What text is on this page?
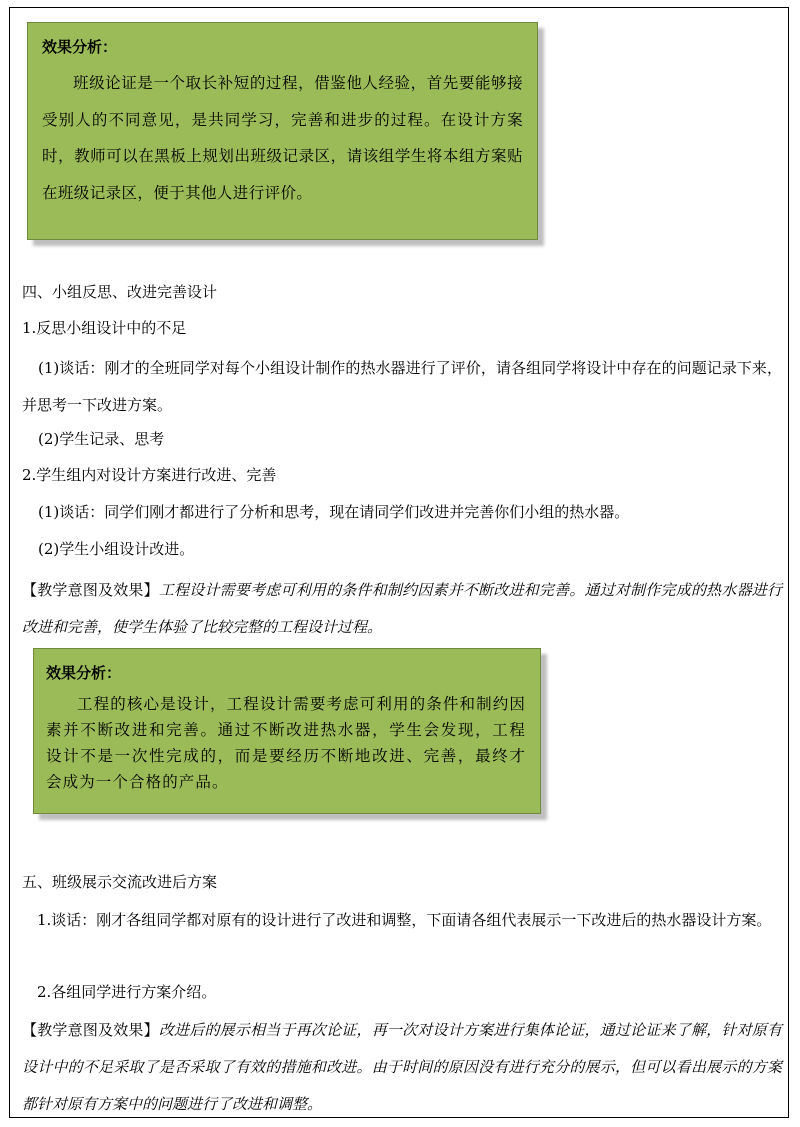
效果分析：
班级论证是一个取长补短的过程，借鉴他人经验，首先要能够接受别人的不同意见，是共同学习，完善和进步的过程。在设计方案时，教师可以在黑板上规划出班级记录区，请该组学生将本组方案贴在班级记录区，便于其他人进行评价。
四、小组反思、改进完善设计
1.反思小组设计中的不足
(1)谈话：刚才的全班同学对每个小组设计制作的热水器进行了评价，请各组同学将设计中存在的问题记录下来，并思考一下改进方案。
(2)学生记录、思考
2.学生组内对设计方案进行改进、完善
(1)谈话：同学们刚才都进行了分析和思考，现在请同学们改进并完善你们小组的热水器。
(2)学生小组设计改进。
【教学意图及效果】工程设计需要考虑可利用的条件和制约因素并不断改进和完善。通过对制作完成的热水器进行改进和完善，使学生体验了比较完整的工程设计过程。
效果分析：
工程的核心是设计，工程设计需要考虑可利用的条件和制约因素并不断改进和完善。通过不断改进热水器，学生会发现，工程设计不是一次性完成的，而是要经历不断地改进、完善，最终才会成为一个合格的产品。
五、班级展示交流改进后方案
1.谈话：刚才各组同学都对原有的设计进行了改进和调整，下面请各组代表展示一下改进后的热水器设计方案。
2.各组同学进行方案介绍。
【教学意图及效果】改进后的展示相当于再次论证，再一次对设计方案进行集体论证，通过论证来了解，针对原有设计中的不足采取了是否采取了有效的措施和改进。由于时间的原因没有进行充分的展示，但可以看出展示的方案都针对原有方案中的问题进行了改进和调整。
